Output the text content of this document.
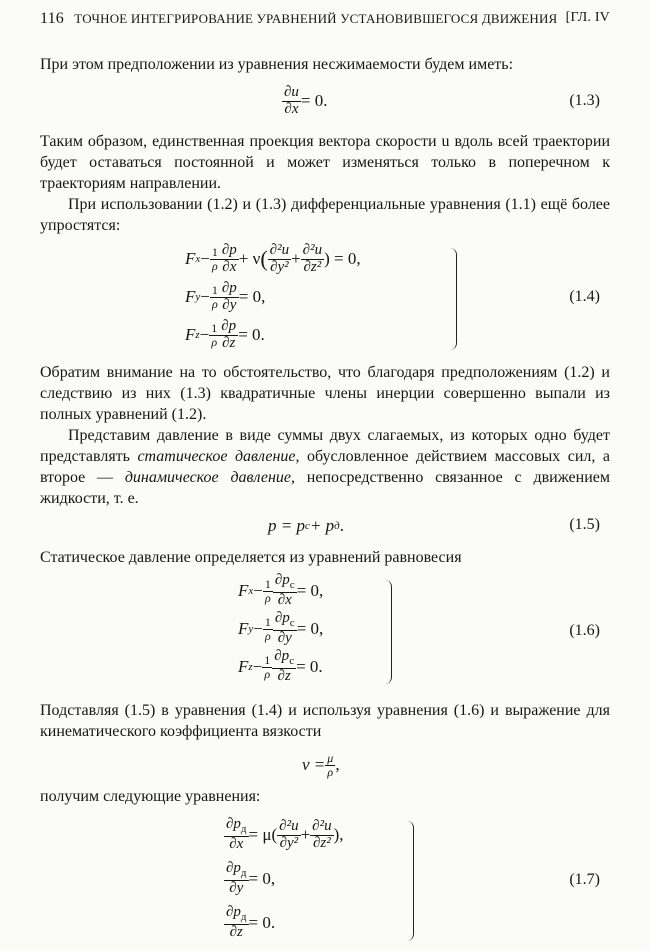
116 ТОЧНОЕ ИНТЕГРИРОВАНИЕ УРАВНЕНИЙ УСТАНОВИВШЕГОСЯ ДВИЖЕНИЯ [ГЛ. IV

При этом предположении из уравнения несжимаемости будем иметь:

$\frac{\partial u}{\partial x} = 0$.	(1.3)

Таким образом, единственная проекция вектора скорости u вдоль всей траектории будет оставаться постоянной и может изменяться только в поперечном к траекториям направлении.

При использовании (1.2) и (1.3) дифференциальные уравнения (1.1) ещё более упростятся:

F $x - \frac{1}{\rho} \frac{\partial p}{\partial x} + \nu$ ( $\frac{\text{∂²u}}{\text{∂y²}} + \frac{\text{∂²u}}{\text{∂z²}}$ ) = 0,
F $y - \frac{1}{\rho} \frac{\partial p}{\partial y} = 0$,
F $z - \frac{1}{\rho} \frac{\partial p}{\partial z} = 0$.
(1.4)

Обратим внимание на то обстоятельство, что благодаря предположениям (1.2) и следствию из них (1.3) квадратичные члены инерции совершенно выпали из полных уравнений (1.2).

Представим давление в виде суммы двух слагаемых, из которых одно будет представлять статическое давление, обусловленное действием массовых сил, а второе — динамическое давление, непосредственно связанное с движением жидкости, т. е.

p = p c + p д .	(1.5)

Статическое давление определяется из уравнений равновесия

F $x - \frac{1}{\rho} \frac{\partial p_c}{\partial x} = 0$,
F $y - \frac{1}{\rho} \frac{\partial p_c}{\partial y} = 0$,
F $z - \frac{1}{\rho} \frac{\partial p_c}{\partial z} = 0$.
(1.6)

Подставляя (1.5) в уравнения (1.4) и используя уравнения (1.6) и выражение для кинематического коэффициента вязкости

$\nu = \frac{\mu}{\rho}$ ,

получим следующие уравнения:

$\frac{\partial p_д}{\partial x} = \mu( \frac{\text{∂²u}}{\text{∂y²}} + \frac{\text{∂²u}}{\text{∂z²}}$ ),
$\frac{\partial p_д}{\partial y} = 0$,
$\frac{\partial p_д}{\partial z} = 0$.
(1.7)
